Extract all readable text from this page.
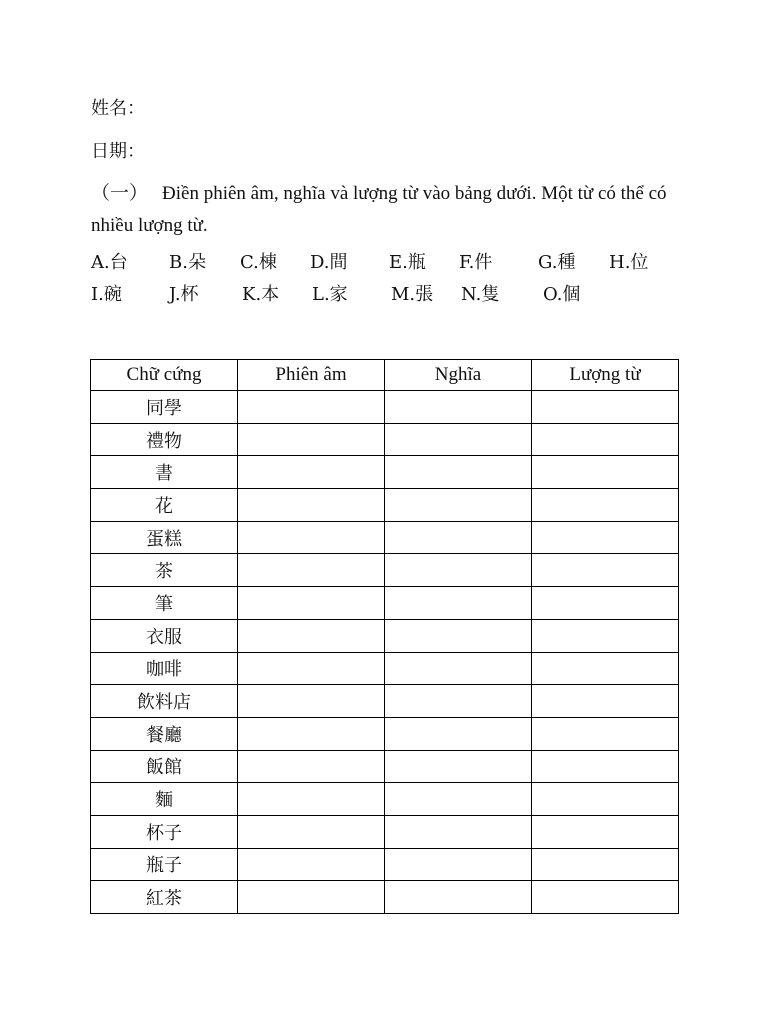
姓名：
日期：
（一） Điền phiên âm, nghĩa và lượng từ vào bảng dưới. Một từ có thể có nhiều lượng từ.
A.台 B.朵 C.棟 D.間 E.瓶 F.件	G.種 H.位
I.碗	J.杯 K.本 L.家 M.張 N.隻 O.個
Chữ cứng	Phiên âm	Nghĩa	Lượng từ
同學			
禮物			
書			
花			
蛋糕			
茶			
筆			
衣服			
咖啡			
飲料店			
餐廳			
飯館			
麵			
杯子			
瓶子			
紅茶			
